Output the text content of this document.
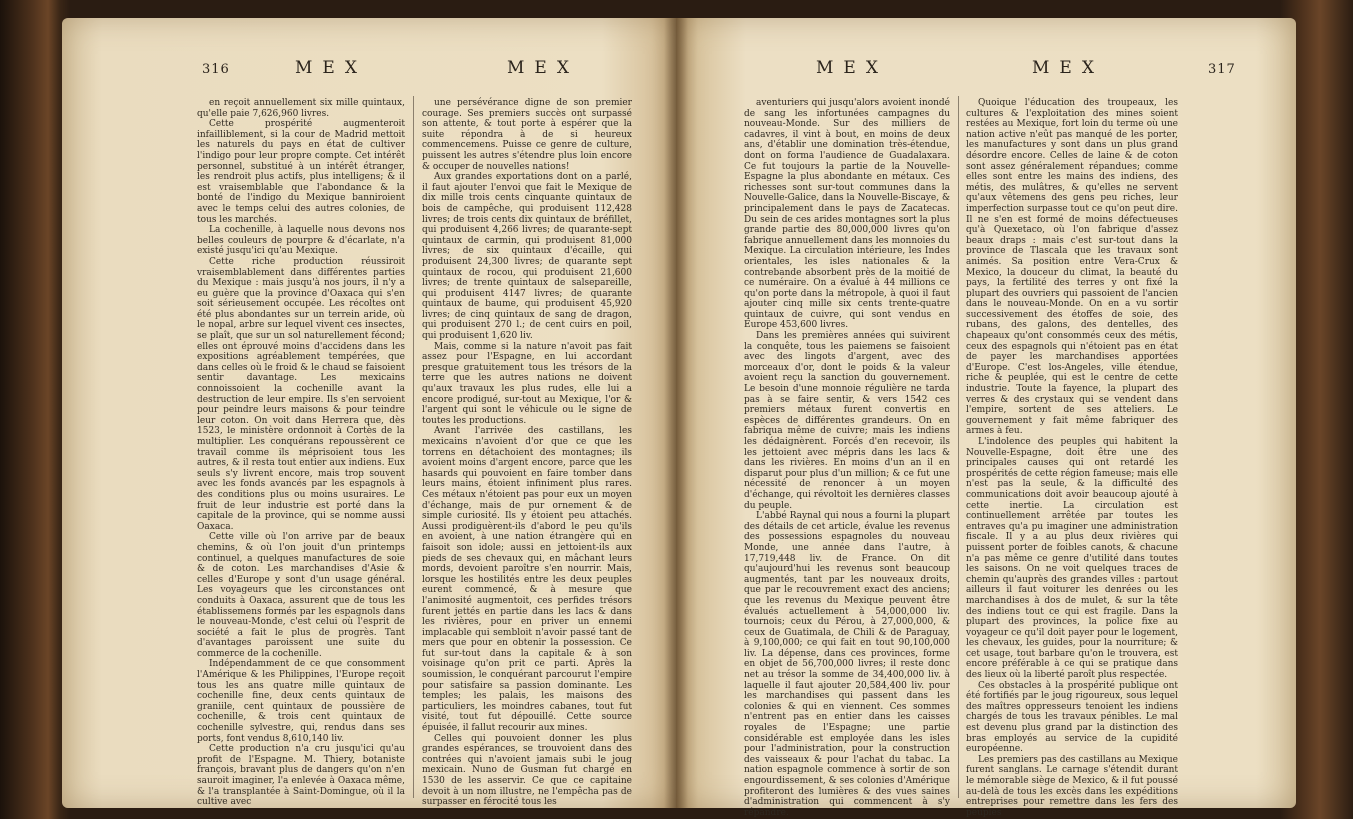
316	MEX	MEX

en reçoit annuellement six mille quintaux, qu'elle paie 7,626,960 livres.

Cette prospérité augmenteroit infailliblement, si la cour de Madrid mettoit les naturels du pays en état de cultiver l'indigo pour leur propre compte. Cet intérêt personnel, substitué à un intérêt étranger, les rendroit plus actifs, plus intelligens; & il est vraisemblable que l'abondance & la bonté de l'indigo du Mexique banniroient avec le temps celui des autres colonies, de tous les marchés.

La cochenille, à laquelle nous devons nos belles couleurs de pourpre & d'écarlate, n'a existé jusqu'ici qu'au Mexique.

Cette riche production réussiroit vraisemblablement dans différentes parties du Mexique : mais jusqu'à nos jours, il n'y a eu guère que la province d'Oaxaca qui s'en soit sérieusement occupée. Les récoltes ont été plus abondantes sur un terrein aride, où le nopal, arbre sur lequel vivent ces insectes, se plaît, que sur un sol naturellement fécond; elles ont éprouvé moins d'accidens dans les expositions agréablement tempérées, que dans celles où le froid & le chaud se faisoient sentir davantage. Les mexicains connoissoient la cochenille avant la destruction de leur empire. Ils s'en servoient pour peindre leurs maisons & pour teindre leur coton. On voit dans Herrera que, dès 1523, le ministère ordonnoit à Cortès de la multiplier. Les conquérans repoussèrent ce travail comme ils méprisoient tous les autres, & il resta tout entier aux indiens. Eux seuls s'y livrent encore, mais trop souvent avec les fonds avancés par les espagnols à des conditions plus ou moins usuraires. Le fruit de leur industrie est porté dans la capitale de la province, qui se nomme aussi Oaxaca.

Cette ville où l'on arrive par de beaux chemins, & où l'on jouit d'un printemps continuel, a quelques manufactures de soie & de coton. Les marchandises d'Asie & celles d'Europe y sont d'un usage général. Les voyageurs que les circonstances ont conduits à Oaxaca, assurent que de tous les établissemens formés par les espagnols dans le nouveau-Monde, c'est celui où l'esprit de société a fait le plus de progrès. Tant d'avantages paroissent une suite du commerce de la cochenille.

Indépendamment de ce que consomment l'Amérique & les Philippines, l'Europe reçoit tous les ans quatre mille quintaux de cochenille fine, deux cents quintaux de graniile, cent quintaux de poussière de cochenille, & trois cent quintaux de cochenille sylvestre, qui, rendus dans ses ports, font vendus 8,610,140 liv.

Cette production n'a cru jusqu'ici qu'au profit de l'Espagne. M. Thiery, botaniste françois, bravant plus de dangers qu'on n'en sauroit imaginer, l'a enlevée à Oaxaca même, & l'a transplantée à Saint-Domingue, où il la cultive avec

une persévérance digne de son premier courage. Ses premiers succès ont surpassé son attente, & tout porte à espérer que la suite répondra à de si heureux commencemens. Puisse ce genre de culture, puissent les autres s'étendre plus loin encore & occuper de nouvelles nations!

Aux grandes exportations dont on a parlé, il faut ajouter l'envoi que fait le Mexique de dix mille trois cents cinquante quintaux de bois de campêche, qui produisent 112,428 livres; de trois cents dix quintaux de bréfillet, qui produisent 4,266 livres; de quarante-sept quintaux de carmin, qui produisent 81,000 livres; de six quintaux d'écaille, qui produisent 24,300 livres; de quarante sept quintaux de rocou, qui produisent 21,600 livres; de trente quintaux de salsepareille, qui produisent 4147 livres; de quarante quintaux de baume, qui produisent 45,920 livres; de cinq quintaux de sang de dragon, qui produisent 270 l.; de cent cuirs en poil, qui produisent 1,620 liv.

Mais, comme si la nature n'avoit pas fait assez pour l'Espagne, en lui accordant presque gratuitement tous les trésors de la terre que les autres nations ne doivent qu'aux travaux les plus rudes, elle lui a encore prodigué, sur-tout au Mexique, l'or & l'argent qui sont le véhicule ou le signe de toutes les productions.

Avant l'arrivée des castillans, les mexicains n'avoient d'or que ce que les torrens en détachoient des montagnes; ils avoient moins d'argent encore, parce que les hasards qui pouvoient en faire tomber dans leurs mains, étoient infiniment plus rares. Ces métaux n'étoient pas pour eux un moyen d'échange, mais de pur ornement & de simple curiosité. Ils y étoient peu attachés. Aussi prodiguèrent-ils d'abord le peu qu'ils en avoient, à une nation étrangère qui en faisoit son idole; aussi en jettoient-ils aux pieds de ses chevaux qui, en mâchant leurs mords, devoient paroître s'en nourrir. Mais, lorsque les hostilités entre les deux peuples eurent commencé, & à mesure que l'animosité augmentoit, ces perfides trésors furent jettés en partie dans les lacs & dans les rivières, pour en priver un ennemi implacable qui sembloit n'avoir passé tant de mers que pour en obtenir la possession. Ce fut sur-tout dans la capitale & à son voisinage qu'on prit ce parti. Après la soumission, le conquérant parcourut l'empire pour satisfaire sa passion dominante. Les temples; les palais, les maisons des particuliers, les moindres cabanes, tout fut visité, tout fut dépouillé. Cette source épuisée, il fallut recourir aux mines.

Celles qui pouvoient donner les plus grandes espérances, se trouvoient dans des contrées qui n'avoient jamais subi le joug mexicain. Nuno de Gusman fut chargé en 1530 de les asservir. Ce que ce capitaine devoit à un nom illustre, ne l'empêcha pas de surpasser en férocité tous les

MEX	MEX	317

aventuriers qui jusqu'alors avoient inondé de sang les infortunées campagnes du nouveau-Monde. Sur des milliers de cadavres, il vint à bout, en moins de deux ans, d'établir une domination très-étendue, dont on forma l'audience de Guadalaxara. Ce fut toujours la partie de la Nouvelle-Espagne la plus abondante en métaux. Ces richesses sont sur-tout communes dans la Nouvelle-Galice, dans la Nouvelle-Biscaye, & principalement dans le pays de Zacatecas. Du sein de ces arides montagnes sort la plus grande partie des 80,000,000 livres qu'on fabrique annuellement dans les monnoies du Mexique. La circulation intérieure, les Indes orientales, les isles nationales & la contrebande absorbent près de la moitié de ce numéraire. On a évalué à 44 millions ce qu'on porte dans la métropole, à quoi il faut ajouter cinq mille six cents trente-quatre quintaux de cuivre, qui sont vendus en Europe 453,600 livres.

Dans les premières années qui suivirent la conquête, tous les paiemens se faisoient avec des lingots d'argent, avec des morceaux d'or, dont le poids & la valeur avoient reçu la sanction du gouvernement. Le besoin d'une monnoie régulière ne tarda pas à se faire sentir, & vers 1542 ces premiers métaux furent convertis en espèces de différentes grandeurs. On en fabriqua même de cuivre; mais les indiens les dédaignèrent. Forcés d'en recevoir, ils les jettoient avec mépris dans les lacs & dans les rivières. En moins d'un an il en disparut pour plus d'un million; & ce fut une nécessité de renoncer à un moyen d'échange, qui révoltoit les dernières classes du peuple.

L'abbé Raynal qui nous a fourni la plupart des détails de cet article, évalue les revenus des possessions espagnoles du nouveau Monde, une année dans l'autre, à 17,719,448 liv. de France. On dit qu'aujourd'hui les revenus sont beaucoup augmentés, tant par les nouveaux droits, que par le recouvrement exact des anciens; que les revenus du Mexique peuvent être évalués actuellement à 54,000,000 liv. tournois; ceux du Pérou, à 27,000,000, & ceux de Guatimala, de Chili & de Paraguay, à 9,100,000; ce qui fait en tout 90,100,000 liv. La dépense, dans ces provinces, forme en objet de 56,700,000 livres; il reste donc net au trésor la somme de 34,400,000 liv. à laquelle il faut ajouter 20,584,400 liv. pour les marchandises qui passent dans les colonies & qui en viennent. Ces sommes n'entrent pas en entier dans les caisses royales de l'Espagne; une partie considérable est employée dans les isles pour l'administration, pour la construction des vaisseaux & pour l'achat du tabac. La nation espagnole commence à sortir de son engourdissement, & ses colonies d'Amérique profiteront des lumières & des vues saines d'administration qui commencent à s'y répandre.

Quoique l'éducation des troupeaux, les cultures & l'exploitation des mines soient restées au Mexique, fort loin du terme où une nation active n'eût pas manqué de les porter, les manufactures y sont dans un plus grand désordre encore. Celles de laine & de coton sont assez généralement répandues; comme elles sont entre les mains des indiens, des métis, des mulâtres, & qu'elles ne servent qu'aux vêtemens des gens peu riches, leur imperfection surpasse tout ce qu'on peut dire. Il ne s'en est formé de moins défectueuses qu'à Quexetaco, où l'on fabrique d'assez beaux draps : mais c'est sur-tout dans la province de Tlascala que les travaux sont animés. Sa position entre Vera-Crux & Mexico, la douceur du climat, la beauté du pays, la fertilité des terres y ont fixé la plupart des ouvriers qui passoient de l'ancien dans le nouveau-Monde. On en a vu sortir successivement des étoffes de soie, des rubans, des galons, des dentelles, des chapeaux qu'ont consommés ceux des métis, ceux des espagnols qui n'étoient pas en état de payer les marchandises apportées d'Europe. C'est los-Angeles, ville étendue, riche & peuplée, qui est le centre de cette industrie. Toute la fayence, la plupart des verres & des crystaux qui se vendent dans l'empire, sortent de ses atteliers. Le gouvernement y fait même fabriquer des armes à feu.

L'indolence des peuples qui habitent la Nouvelle-Espagne, doit être une des principales causes qui ont retardé les prospérités de cette région fameuse; mais elle n'est pas la seule, & la difficulté des communications doit avoir beaucoup ajouté à cette inertie. La circulation est continuellement arrêtée par toutes les entraves qu'a pu imaginer une administration fiscale. Il y a au plus deux rivières qui puissent porter de foibles canots, & chacune n'a pas même ce genre d'utilité dans toutes les saisons. On ne voit quelques traces de chemin qu'auprès des grandes villes : partout ailleurs il faut voiturer les denrées ou les marchandises à dos de mulet, & sur la tête des indiens tout ce qui est fragile. Dans la plupart des provinces, la police fixe au voyageur ce qu'il doit payer pour le logement, les chevaux, les guides, pour la nourriture; & cet usage, tout barbare qu'on le trouvera, est encore préférable à ce qui se pratique dans des lieux où la liberté paroît plus respectée.

Ces obstacles à la prospérité publique ont été fortifiés par le joug rigoureux, sous lequel des maîtres oppresseurs tenoient les indiens chargés de tous les travaux pénibles. Le mal est devenu plus grand par la distinction des bras employés au service de la cupidité européenne.

Les premiers pas des castillans au Mexique furent sanglans. Le carnage s'étendit durant le mémorable siège de Mexico, & il fut poussé au-delà de tous les excès dans les expéditions entreprises pour remettre dans les fers des peuples
